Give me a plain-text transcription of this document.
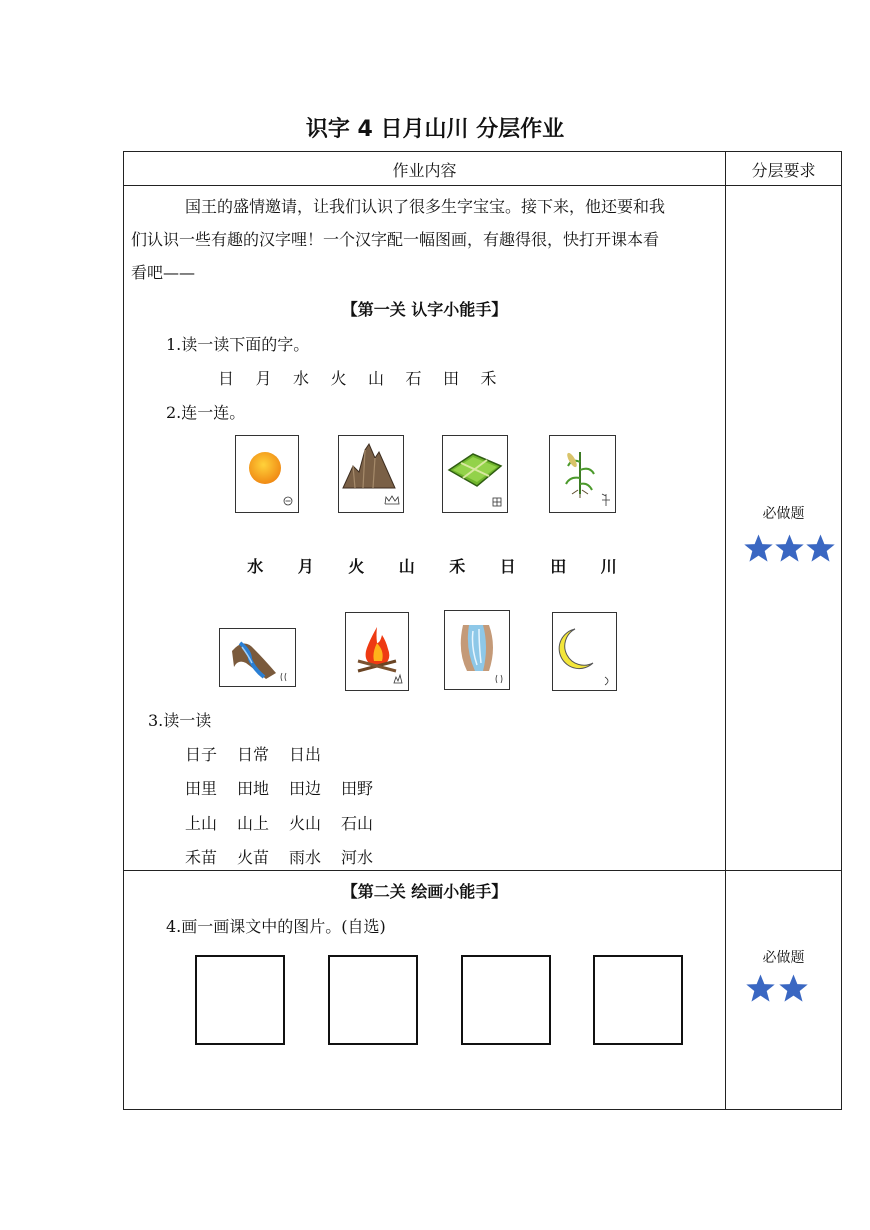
识字 4 日月山川 分层作业
作业内容	分层要求
国王的盛情邀请，让我们认识了很多生字宝宝。接下来，他还要和我
们认识一些有趣的汉字哩！一个汉字配一幅图画，有趣得很，快打开课本看
看吧——
【第一关 认字小能手】
1.读一读下面的字。
日 月 水 火 山 石 田 禾
2.连一连。
水 月 火 山 禾 日 田 川
3.读一读
日子 日常 日出
田里 田地 田边 田野
上山 山上 火山 石山
禾苗 火苗 雨水 河水
必做题
【第二关 绘画小能手】
4.画一画课文中的图片。(自选)
必做题
